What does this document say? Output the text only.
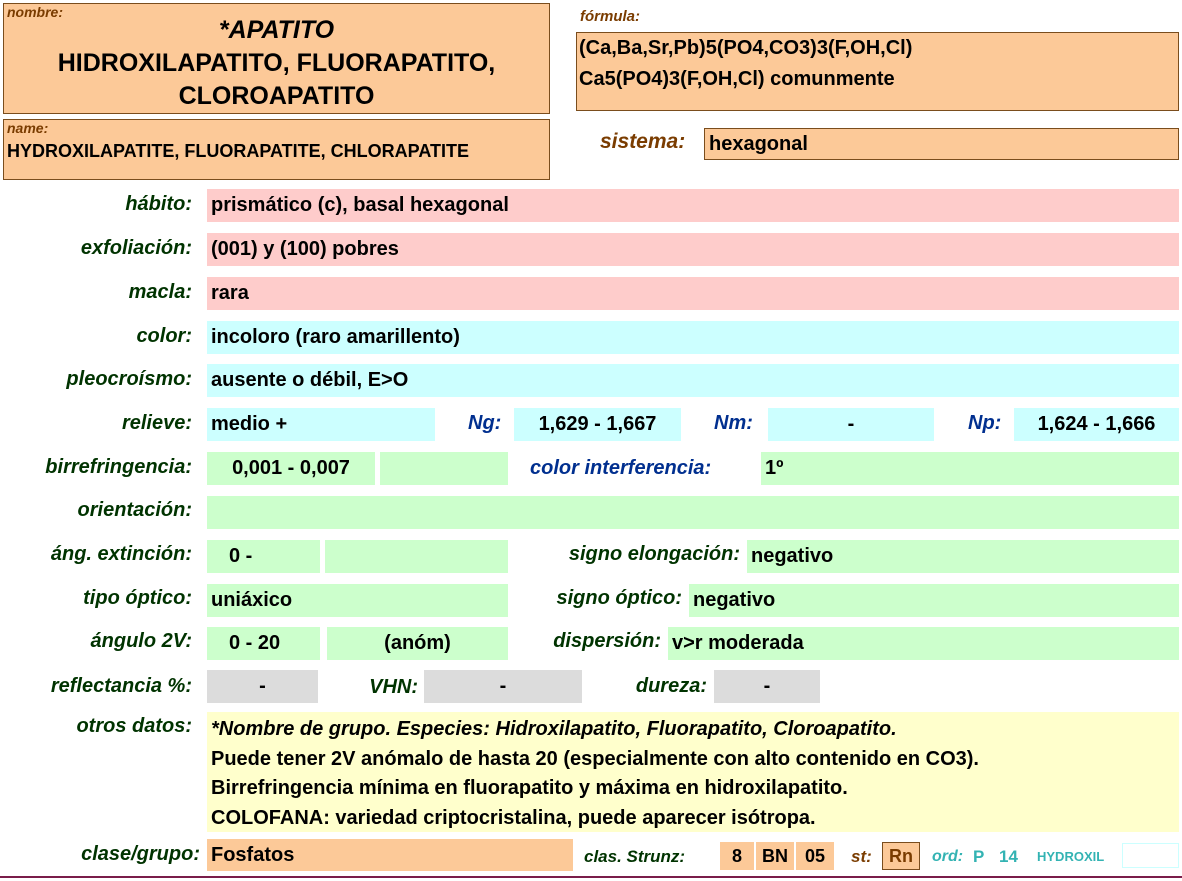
nombre:
*APATITO
HIDROXILAPATITO, FLUORAPATITO,
CLOROAPATITO
fórmula:
(Ca,Ba,Sr,Pb)5(PO4,CO3)3(F,OH,Cl)
Ca5(PO4)3(F,OH,Cl) comunmente
name:
HYDROXILAPATITE, FLUORAPATITE, CHLORAPATITE	sistema: hexagonal
hábito: prismático (c), basal hexagonal
exfoliación: (001) y (100) pobres
macla: rara
color: incoloro (raro amarillento)
pleocroísmo: ausente o débil, E>O
relieve: medio +	Ng:	1,629 - 1,667	Nm:	-	Np:	1,624 - 1,666
birrefringencia:	0,001 - 0,007	color interferencia:	1º
orientación:
áng. extinción:	0 -	signo elongación: negativo
tipo óptico: uniáxico	signo óptico: negativo
ángulo 2V:	0 - 20	(anóm)	dispersión: v>r moderada
reflectancia %:	-	VHN:	-	dureza:	-
otros datos: *Nombre de grupo. Especies: Hidroxilapatito, Fluorapatito, Cloroapatito.
Puede tener 2V anómalo de hasta 20 (especialmente con alto contenido en CO3).
Birrefringencia mínima en fluorapatito y máxima en hidroxilapatito.
COLOFANA: variedad criptocristalina, puede aparecer isótropa.
clase/grupo: Fosfatos	clas. Strunz:	8	BN 05	st: Rn	ord: P 14 HYDROXIL
